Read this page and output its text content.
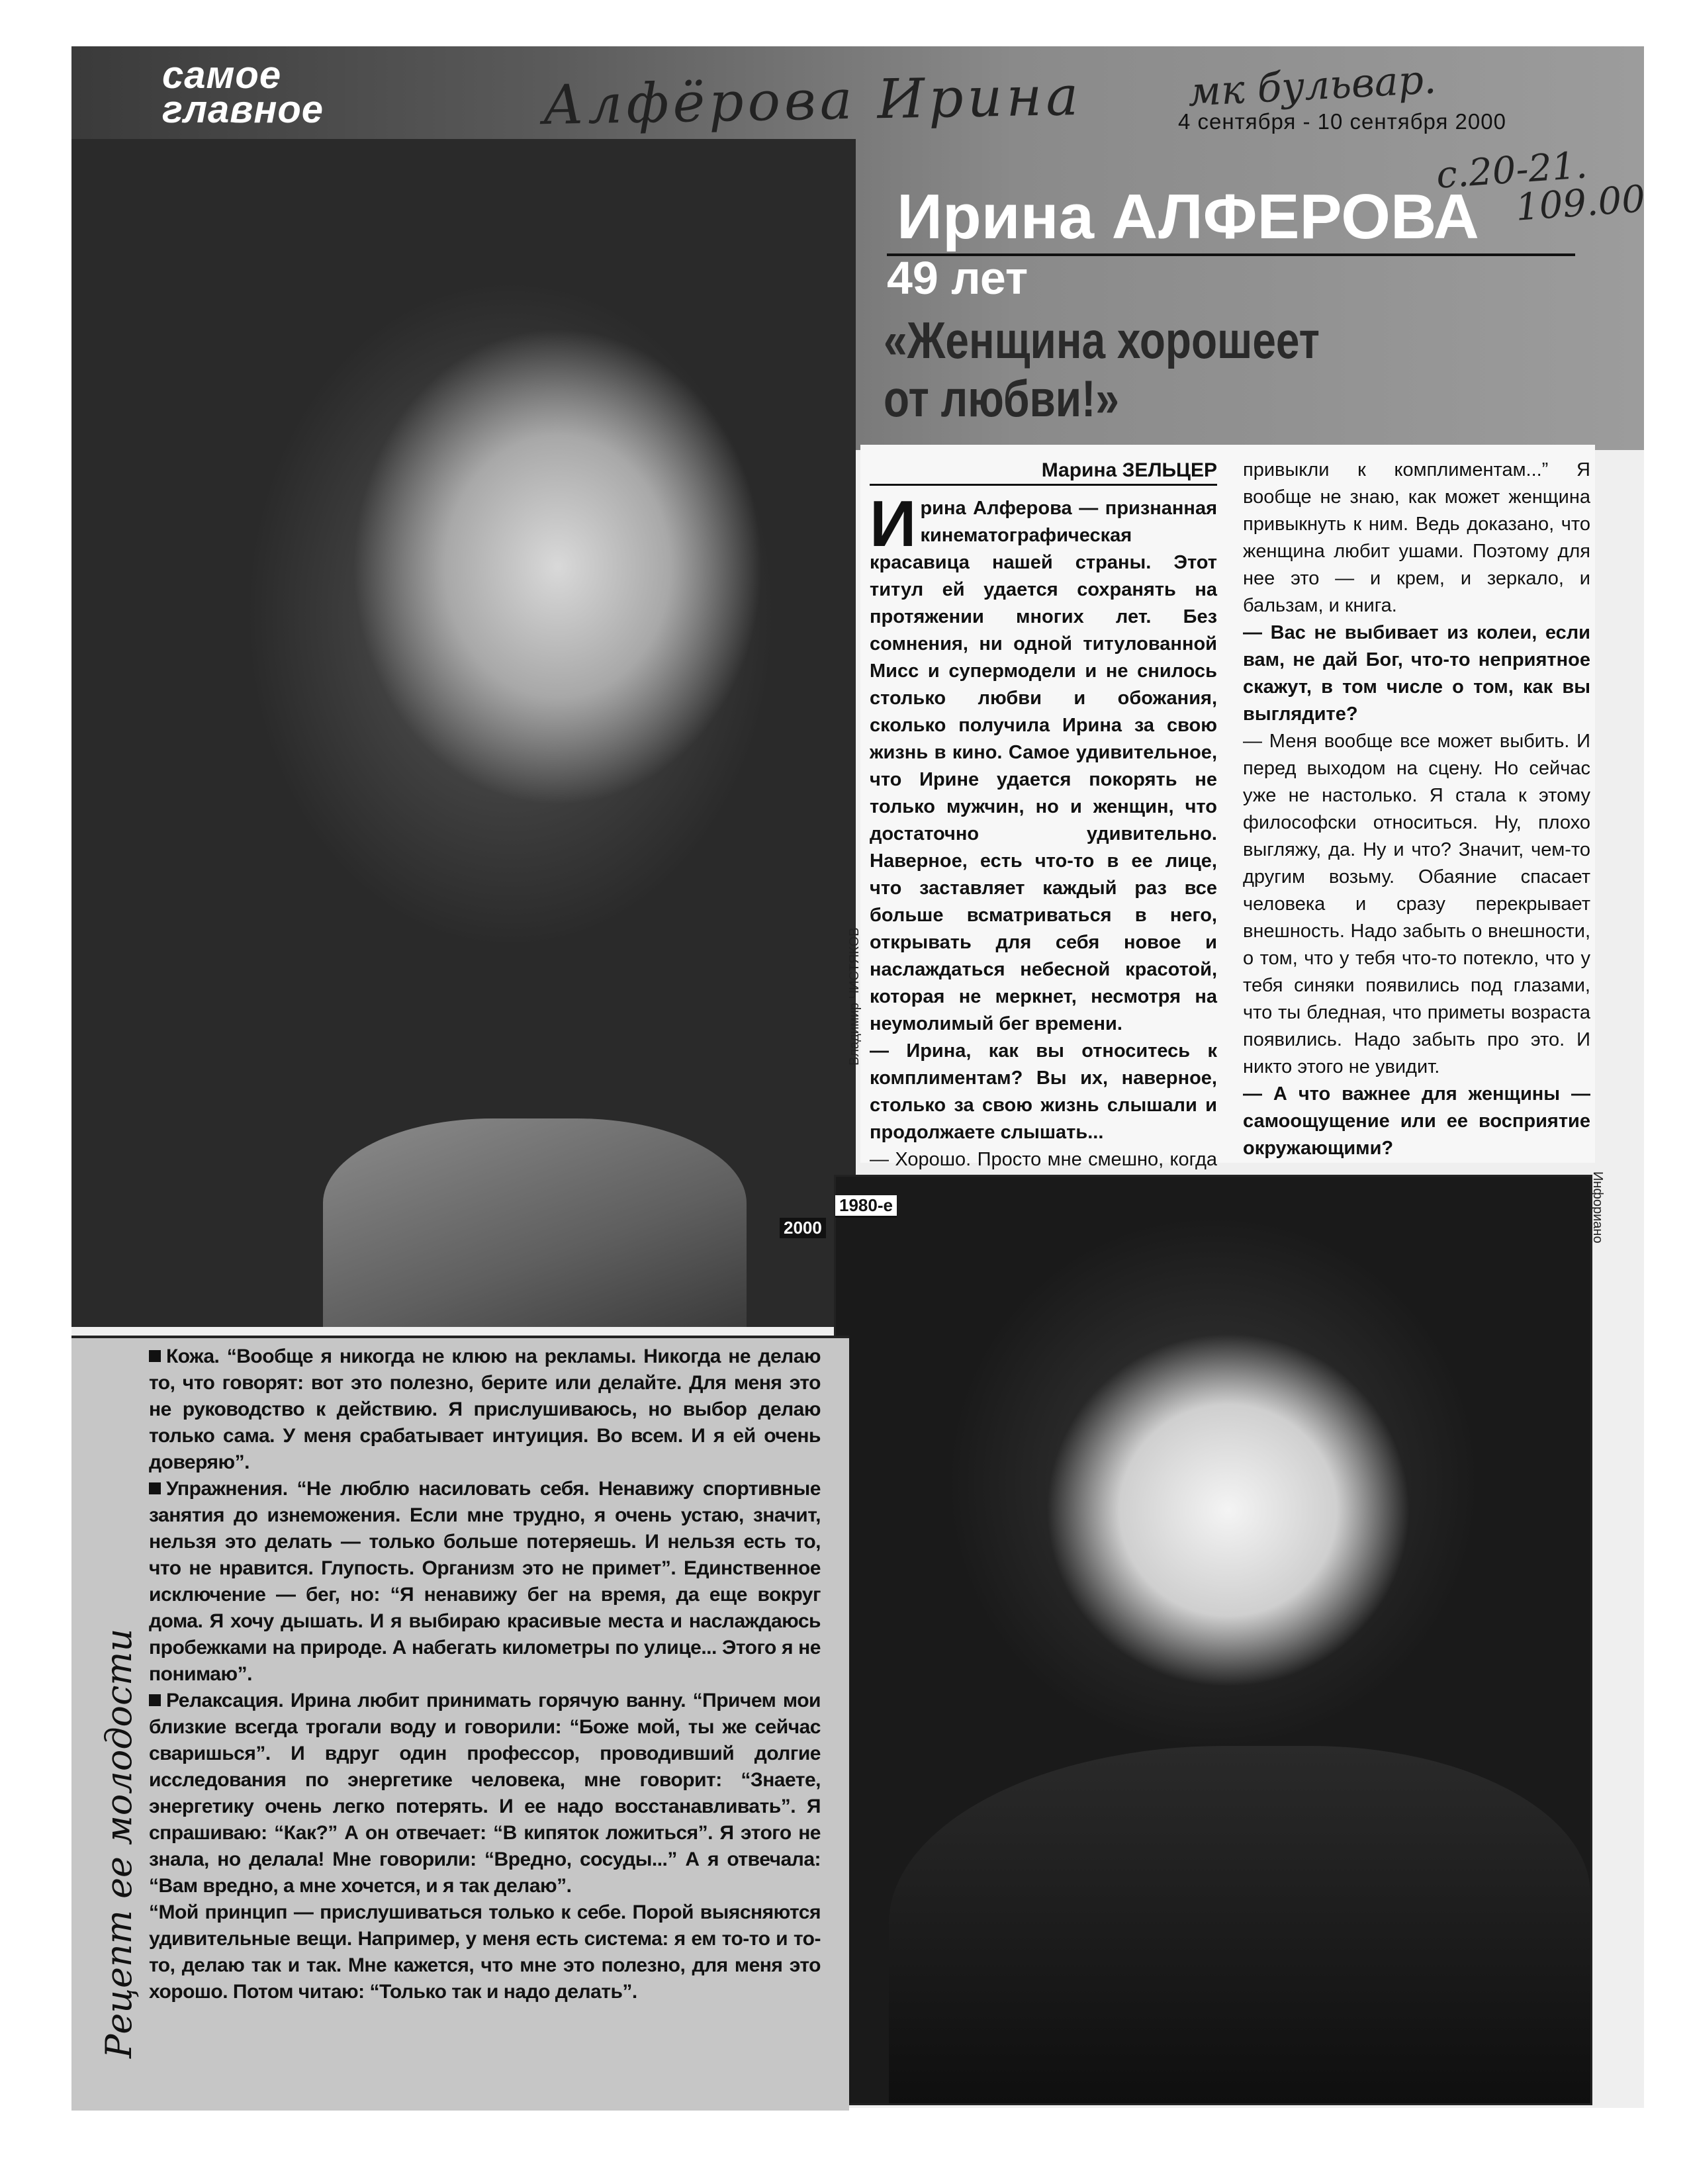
самое
главное	Алфёрова Ирина	мк бульвар.
с.20-21.
109.00
4 сентября - 10 сентября 2000
Ирина АЛФЕРОВА
49 лет
«Женщина хорошеет от любви!»

Марина ЗЕЛЬЦЕР

Ирина Алферова — признанная кинематографическая красавица нашей страны. Этот титул ей удается сохранять на протяжении многих лет. Без сомнения, ни одной титулованной Мисс и супермодели и не снилось столько любви и обожания, сколько получила Ирина за свою жизнь в кино. Самое удивительное, что Ирине удается покорять не только мужчин, но и женщин, что достаточно удивительно. Наверное, есть что-то в ее лице, что заставляет каждый раз все больше всматриваться в него, открывать для себя новое и наслаждаться небесной красотой, которая не меркнет, несмотря на неумолимый бег времени.

— Ирина, как вы относитесь к комплиментам? Вы их, наверное, столько за свою жизнь слышали и продолжаете слышать...

— Хорошо. Просто мне смешно, когда

привыкли к комплиментам...” Я вообще не знаю, как может женщина привыкнуть к ним. Ведь доказано, что женщина любит ушами. Поэтому для нее это — и крем, и зеркало, и бальзам, и книга.

— Вас не выбивает из колеи, если вам, не дай Бог, что-то неприятное скажут, в том числе о том, как вы выглядите?

— Меня вообще все может выбить. И перед выходом на сцену. Но сейчас уже не настолько. Я стала к этому философски относиться. Ну, плохо выгляжу, да. Ну и что? Значит, чем-то другим возьму. Обаяние спасает человека и сразу перекрывает внешность. Надо забыть о внешности, о том, что у тебя что-то потекло, что у тебя синяки появились под глазами, что ты бледная, что приметы возраста появились. Надо забыть про это. И никто этого не увидит.

— А что важнее для женщины — самоощущение или ее восприятие окружающими?

Владимир ЧИСТЯКОВ
2000
1980-е	Инфориано
Рецепт ее молодости

Кожа. “Вообще я никогда не клюю на рекламы. Никогда не делаю то, что говорят: вот это полезно, берите или делайте. Для меня это не руководство к действию. Я прислушиваюсь, но выбор делаю только сама. У меня срабатывает интуиция. Во всем. И я ей очень доверяю”.

Упражнения. “Не люблю насиловать себя. Ненавижу спортивные занятия до изнеможения. Если мне трудно, я очень устаю, значит, нельзя это делать — только больше потеряешь. И нельзя есть то, что не нравится. Глупость. Организм это не примет”. Единственное исключение — бег, но: “Я ненавижу бег на время, да еще вокруг дома. Я хочу дышать. И я выбираю красивые места и наслаждаюсь пробежками на природе. А набегать километры по улице... Этого я не понимаю”.

Релаксация. Ирина любит принимать горячую ванну. “Причем мои близкие всегда трогали воду и говорили: “Боже мой, ты же сейчас сваришься”. И вдруг один профессор, проводивший долгие исследования по энергетике человека, мне говорит: “Знаете, энергетику очень легко потерять. И ее надо восстанавливать”. Я спрашиваю: “Как?” А он отвечает: “В кипяток ложиться”. Я этого не знала, но делала! Мне говорили: “Вредно, сосуды...” А я отвечала: “Вам вредно, а мне хочется, и я так делаю”.

“Мой принцип — прислушиваться только к себе. Порой выясняются удивительные вещи. Например, у меня есть система: я ем то-то и то-то, делаю так и так. Мне кажется, что мне это полезно, для меня это хорошо. Потом читаю: “Только так и надо делать”.
